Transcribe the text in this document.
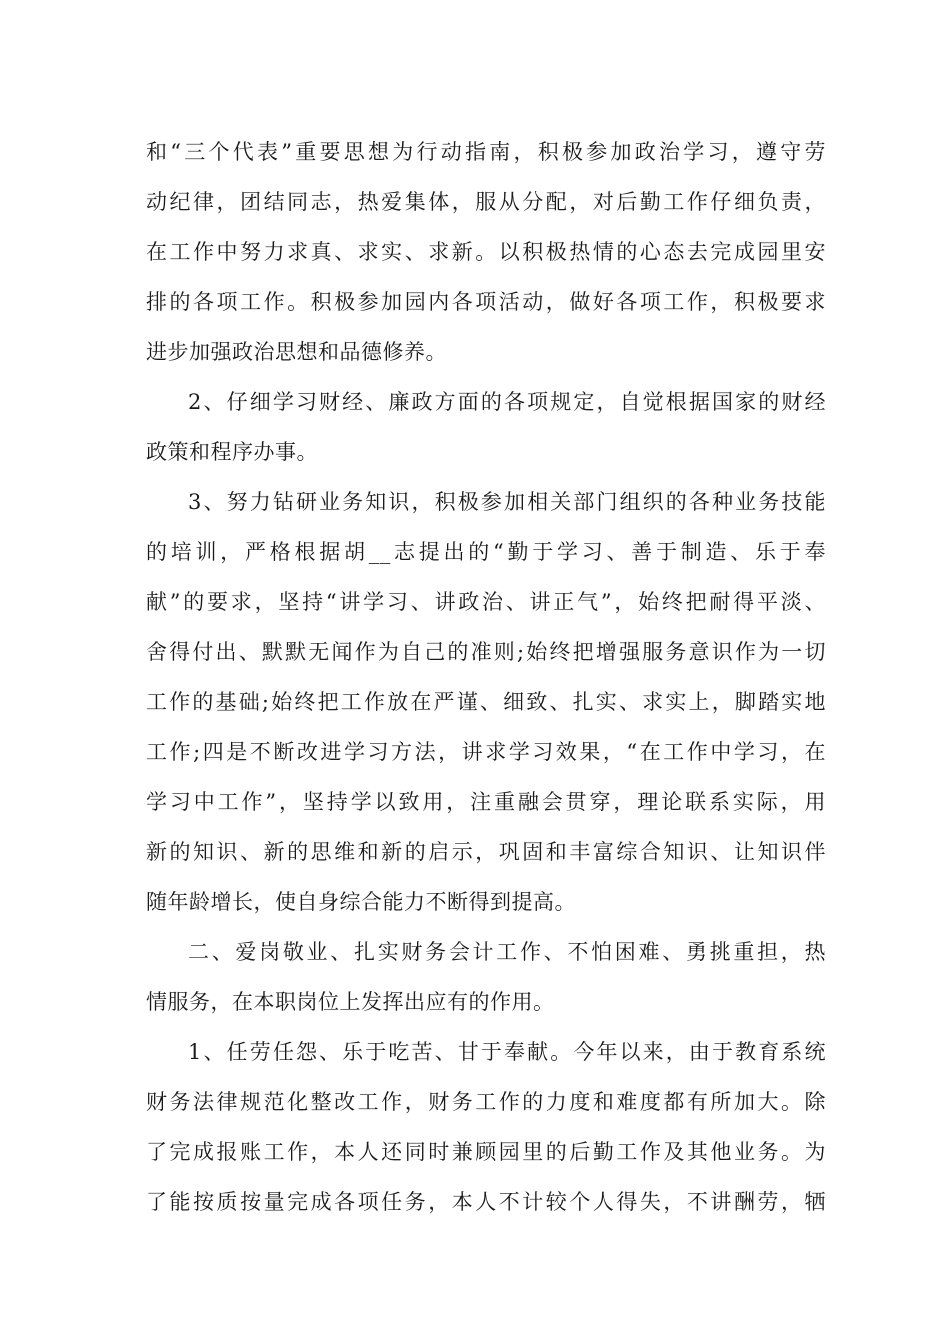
和“三个代表”重要思想为行动指南，积极参加政治学习，遵守劳
动纪律，团结同志，热爱集体，服从分配，对后勤工作仔细负责，
在工作中努力求真、求实、求新。以积极热情的心态去完成园里安
排的各项工作。积极参加园内各项活动，做好各项工作，积极要求
进步加强政治思想和品德修养。
2、仔细学习财经、廉政方面的各项规定，自觉根据国家的财经
政策和程序办事。
3、努力钻研业务知识，积极参加相关部门组织的各种业务技能
的培训，严格根据胡__志提出的“勤于学习、善于制造、乐于奉
献”的要求，坚持“讲学习、讲政治、讲正气”，始终把耐得平淡、
舍得付出、默默无闻作为自己的准则;始终把增强服务意识作为一切
工作的基础;始终把工作放在严谨、细致、扎实、求实上，脚踏实地
工作;四是不断改进学习方法，讲求学习效果，“在工作中学习，在
学习中工作”，坚持学以致用，注重融会贯穿，理论联系实际，用
新的知识、新的思维和新的启示，巩固和丰富综合知识、让知识伴
随年龄增长，使自身综合能力不断得到提高。
二、爱岗敬业、扎实财务会计工作、不怕困难、勇挑重担，热
情服务，在本职岗位上发挥出应有的作用。
1、任劳任怨、乐于吃苦、甘于奉献。今年以来，由于教育系统
财务法律规范化整改工作，财务工作的力度和难度都有所加大。除
了完成报账工作，本人还同时兼顾园里的后勤工作及其他业务。为
了能按质按量完成各项任务，本人不计较个人得失，不讲酬劳，牺
